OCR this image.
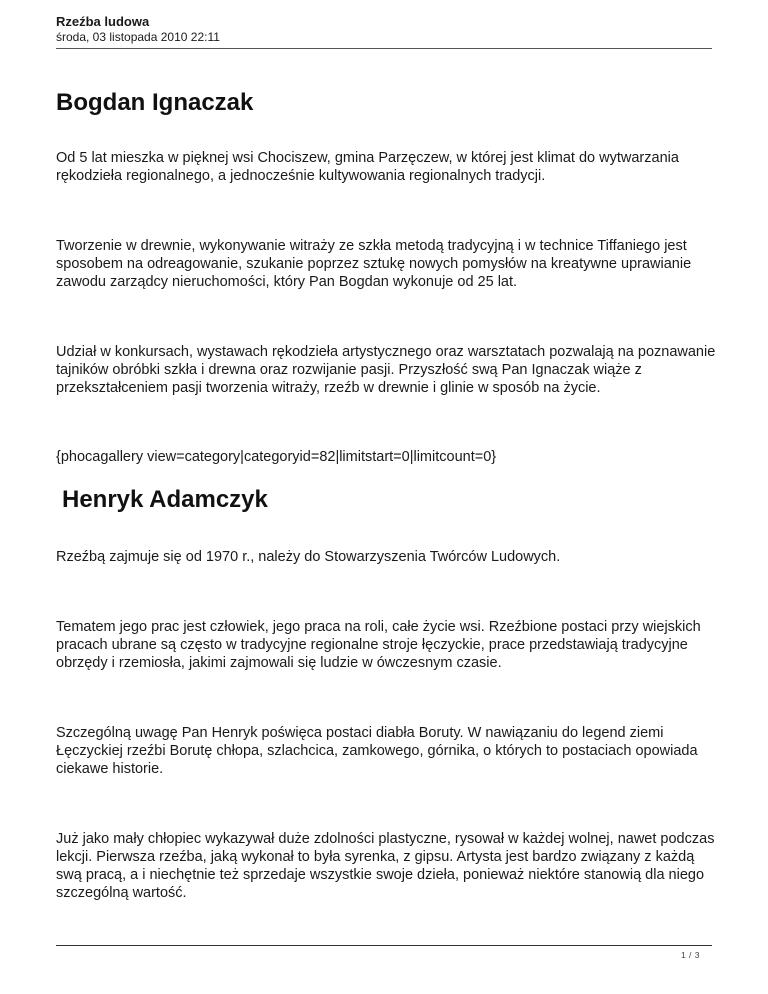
Rzeźba ludowa
środa, 03 listopada 2010 22:11
Bogdan Ignaczak

Od 5 lat mieszka w pięknej wsi Chociszew, gmina Parzęczew, w której jest klimat do wytwarzania rękodzieła regionalnego, a jednocześnie kultywowania regionalnych tradycji.

Tworzenie w drewnie, wykonywanie witraży ze szkła metodą tradycyjną i w technice Tiffaniego jest sposobem na odreagowanie, szukanie poprzez sztukę nowych pomysłów na kreatywne uprawianie zawodu zarządcy nieruchomości, który Pan Bogdan wykonuje od 25 lat.

Udział w konkursach, wystawach rękodzieła artystycznego oraz warsztatach pozwalają na poznawanie tajników obróbki szkła i drewna oraz rozwijanie pasji. Przyszłość swą Pan Ignaczak wiąże z przekształceniem pasji tworzenia witraży, rzeźb w drewnie i glinie w sposób na życie.

{phocagallery view=category|categoryid=82|limitstart=0|limitcount=0}

Henryk Adamczyk

Rzeźbą zajmuje się od 1970 r., należy do Stowarzyszenia Twórców Ludowych.

Tematem jego prac jest człowiek, jego praca na roli, całe życie wsi. Rzeźbione postaci przy wiejskich pracach ubrane są często w tradycyjne regionalne stroje łęczyckie, prace przedstawiają tradycyjne obrzędy i rzemiosła, jakimi zajmowali się ludzie w ówczesnym czasie.

Szczególną uwagę Pan Henryk poświęca postaci diabła Boruty. W nawiązaniu do legend ziemi Łęczyckiej rzeźbi Borutę chłopa, szlachcica, zamkowego, górnika, o których to postaciach opowiada ciekawe historie.

Już jako mały chłopiec wykazywał duże zdolności plastyczne, rysował w każdej wolnej, nawet podczas lekcji. Pierwsza rzeźba, jaką wykonał to była syrenka, z gipsu. Artysta jest bardzo związany z każdą swą pracą, a i niechętnie też sprzedaje wszystkie swoje dzieła, ponieważ niektóre stanowią dla niego szczególną wartość.

1 / 3
